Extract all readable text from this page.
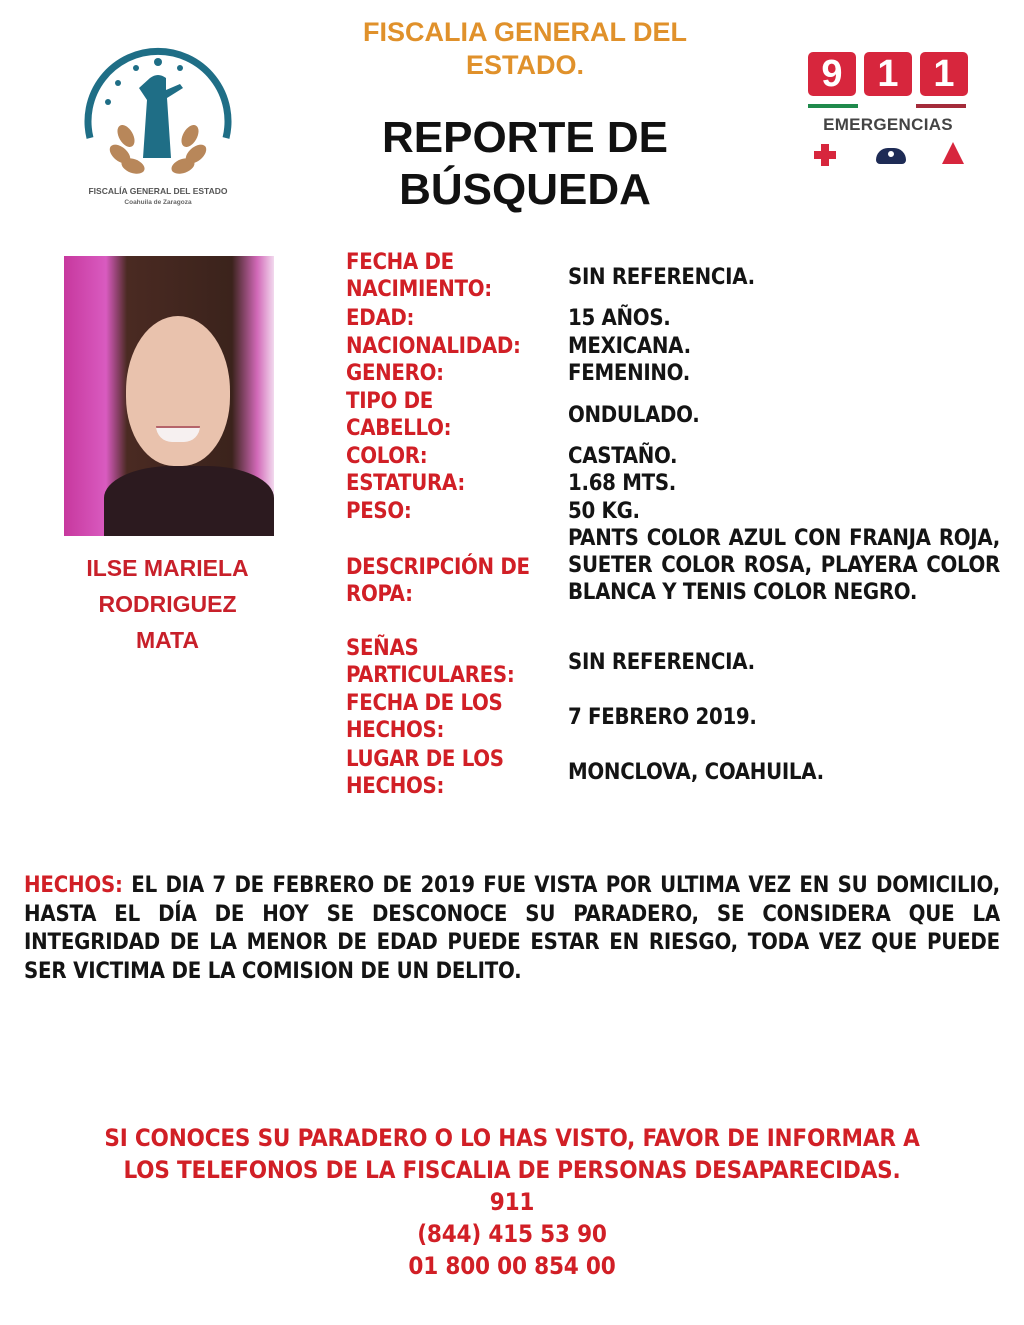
FISCALÍA GENERAL DEL ESTADO
Coahuila de Zaragoza
FISCALIA GENERAL DEL
ESTADO.
REPORTE DE
BÚSQUEDA
9 1 1
EMERGENCIAS
ILSE MARIELA
RODRIGUEZ
MATA
FECHA DE
NACIMIENTO:	SIN REFERENCIA.
EDAD:	15 AÑOS.
NACIONALIDAD: MEXICANA.
GENERO:	FEMENINO.
TIPO DE
CABELLO:
ONDULADO.
COLOR:	CASTAÑO.
ESTATURA:	1.68 MTS.
PESO:	50 KG.
DESCRIPCIÓN DE
ROPA:
PANTS COLOR AZUL CON FRANJA ROJA, SUETER COLOR ROSA, PLAYERA COLOR BLANCA Y TENIS COLOR NEGRO.
SEÑAS
PARTICULARES:
SIN REFERENCIA.
FECHA DE LOS
HECHOS:
7 FEBRERO 2019.
LUGAR DE LOS
HECHOS:
MONCLOVA, COAHUILA.
HECHOS: EL DIA 7 DE FEBRERO DE 2019 FUE VISTA POR ULTIMA VEZ EN SU DOMICILIO, HASTA EL DÍA DE HOY SE DESCONOCE SU PARADERO, SE CONSIDERA QUE LA INTEGRIDAD DE LA MENOR DE EDAD PUEDE ESTAR EN RIESGO, TODA VEZ QUE PUEDE SER VICTIMA DE LA COMISION DE UN DELITO.
SI CONOCES SU PARADERO O LO HAS VISTO, FAVOR DE INFORMAR A
LOS TELEFONOS DE LA FISCALIA DE PERSONAS DESAPARECIDAS.
911
(844) 415 53 90
01 800 00 854 00
